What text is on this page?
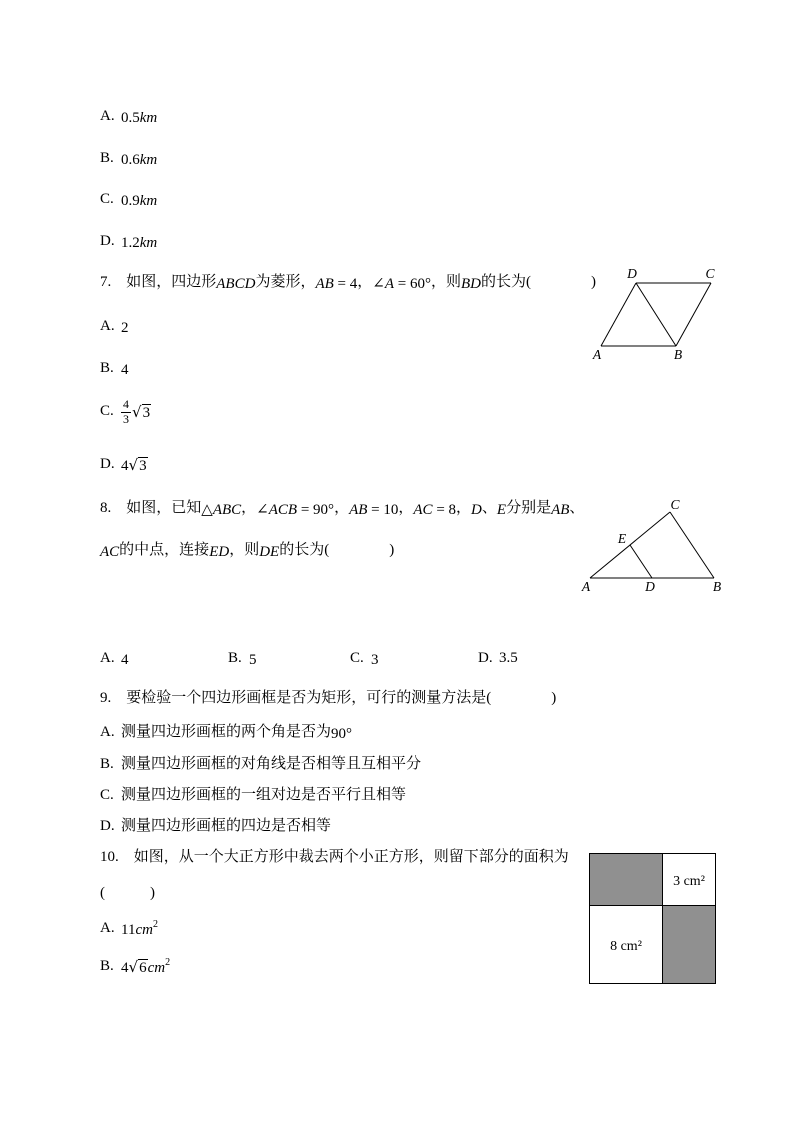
A. 0.5km
B. 0.6km
C. 0.9km
D. 1.2km
7.　如图，四边形ABCD为菱形，AB = 4，∠A = 60°，则BD的长为(　　　　)
D	C
A	B
A. 2
B. 4
C. $\frac{4}{3} √3$
D. 4√3
8.　如图，已知△ABC，∠ACB = 90°，AB = 10，AC = 8，D、E分别是AB、
AC的中点，连接ED，则DE的长为(　　　　)
A	B
C
D
E
A. 4	B. 5	C. 3	D. 3.5
9.　要检验一个四边形画框是否为矩形，可行的测量方法是(　　　　)
A. 测量四边形画框的两个角是否为90°
B. 测量四边形画框的对角线是否相等且互相平分
C. 测量四边形画框的一组对边是否平行且相等
D. 测量四边形画框的四边是否相等
10.　如图，从一个大正方形中裁去两个小正方形，则留下部分的面积为
(　　　)
3 cm²
8 cm²
A. $11cm^2$
B. $4√6cm^2$
